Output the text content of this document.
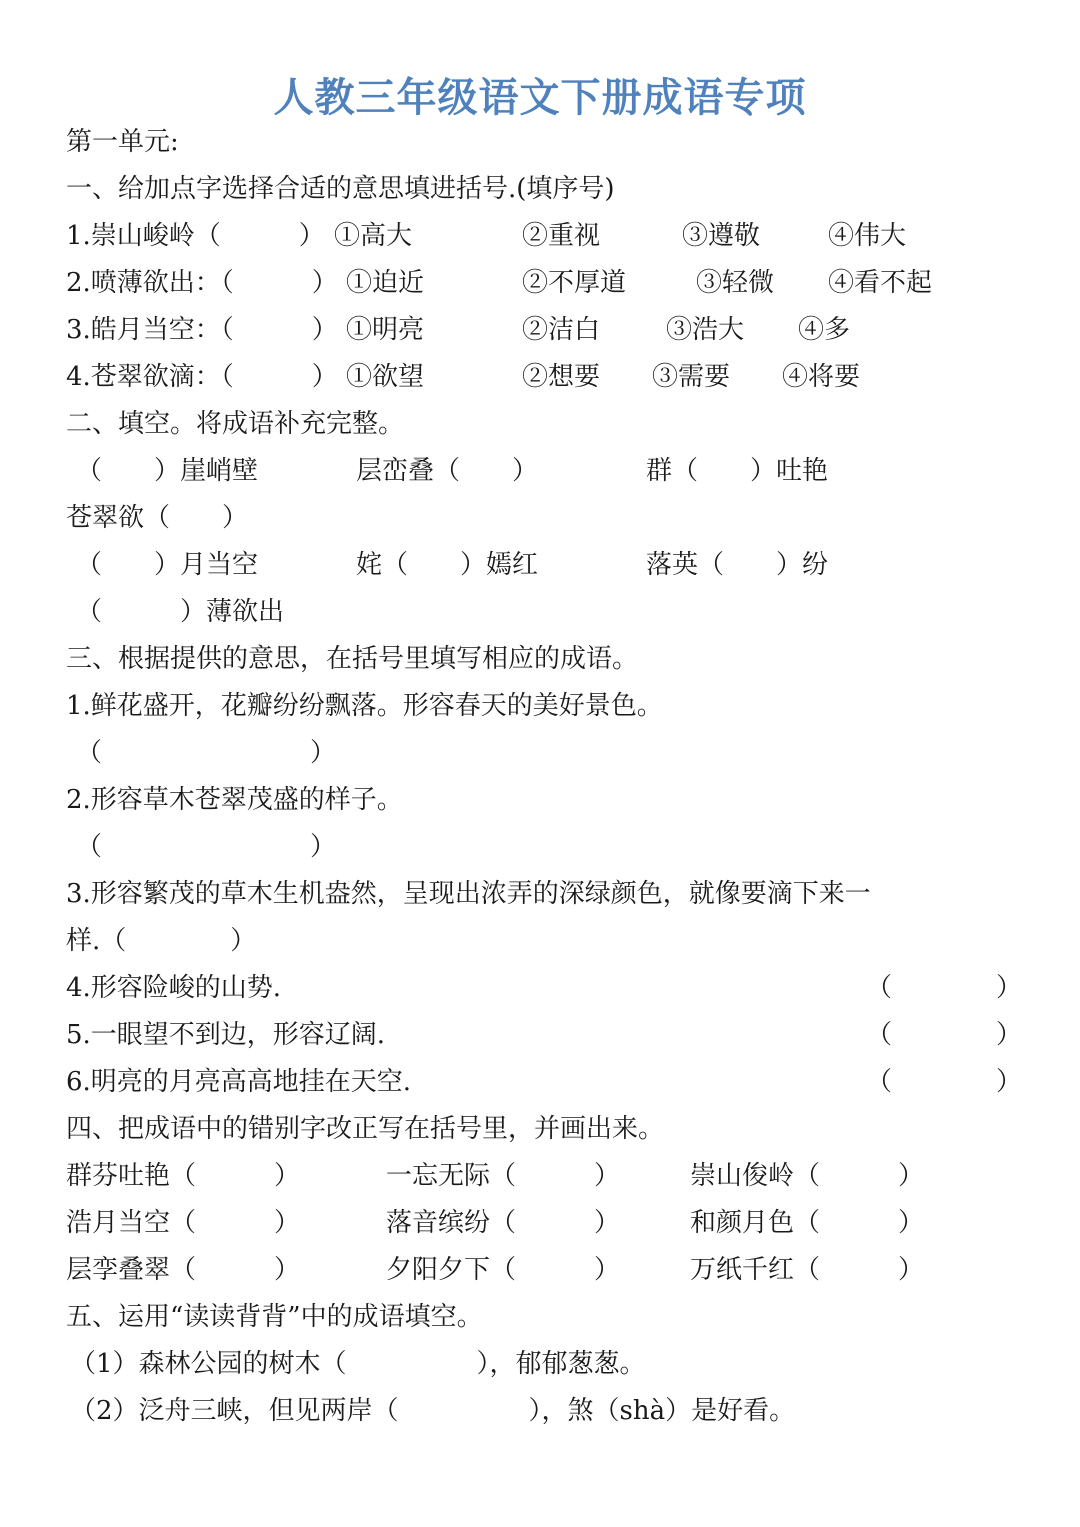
人教三年级语文下册成语专项
第一单元:
一、给加点字选择合适的意思填进括号.(填序号)
1.崇山峻岭（　　　） ①高大	②重视	③遵敬	④伟大
2.喷薄欲出：（　　　） ①迫近	②不厚道	③轻微 ④看不起
3.皓月当空：（　　　） ①明亮	②洁白	③浩大 ④多
4.苍翠欲滴：（　　　） ①欲望	②想要 ③需要 ④将要
二、填空。将成语补充完整。
（　　）崖峭壁	层峦叠（　　）	群（　　）吐艳
苍翠欲（　　）
（　　）月当空	姹（　　）嫣红	落英（　　）纷
（　　　）薄欲出
三、根据提供的意思，在括号里填写相应的成语。
1.鲜花盛开，花瓣纷纷飘落。形容春天的美好景色。
（　　　　　　　　）
2.形容草木苍翠茂盛的样子。
（　　　　　　　　）
3.形容繁茂的草木生机盎然，呈现出浓弄的深绿颜色，就像要滴下来一
样.（　　　　）
4.形容险峻的山势.	（　　　　）
5.一眼望不到边，形容辽阔.	（　　　　）
6.明亮的月亮高高地挂在天空.	（　　　　）
四、把成语中的错别字改正写在括号里，并画出来。
群芬吐艳（　　　）	一忘无际（　　　）	崇山俊岭（　　　）
浩月当空（　　　）	落音缤纷（　　　）	和颜月色（　　　）
层孪叠翠（　　　）	夕阳夕下（　　　）	万纸千红（　　　）
五、运用“读读背背”中的成语填空。
（1）森林公园的树木（　　　　　），郁郁葱葱。
（2）泛舟三峡，但见两岸（　　　　　），煞（shà）是好看。
